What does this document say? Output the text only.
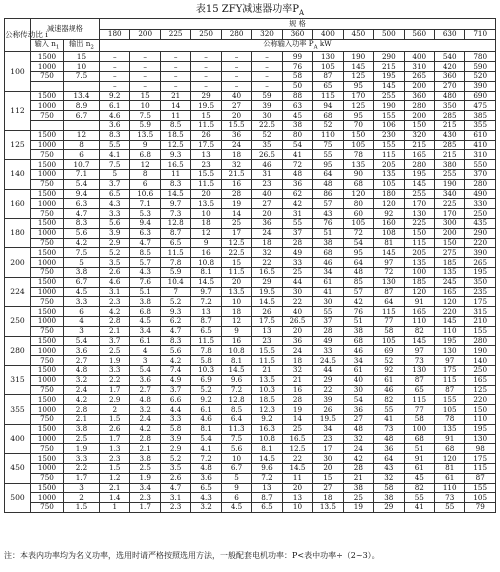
表15 ZFY减速器功率$P_A$
公称传动比 i	减速器规格		规 格												
			180	200	225	250	280	320	360	400	450	500	560	630	710
	输入 $n_1$	输出 $n_2$	公称输入功率 $P_A$ kW												
100	1500	15	–	–	–	–	–	–	99	130	190	290	400	540	780
	1000	10	–	–	–	–	–	–	76	105	145	215	310	420	590
	750	7.5	–	–	–	–	–	–	58	87	125	195	265	360	520
			–	–	–	–	–	–	50	65	95	145	200	270	390
112	1500	13.4	9.2	15	21	29	40	59	88	115	170	255	360	480	690
	1000	8.9	6.1	10	14	19.5	27	39	63	94	125	190	280	350	475
	750	6.7	4.6	7.5	11	15	20	30	45	68	95	155	200	285	385
			3.6	5.9	8.5	11.5	15.5	22.5	38	52	70	106	150	215	355
125	1500	12	8.3	13.5	18.5	26	36	52	80	110	150	230	320	430	610
	1000	8	5.5	9	12.5	17.5	24	35	54	75	105	155	215	285	410
	750	6	4.1	6.8	9.3	13	18	26.5	41	55	78	115	165	215	310
140	1500	10.7	7.5	12	16.5	23	32	46	72	95	135	205	280	380	550
	1000	7.1	5	8	11	15.5	21.5	31	48	64	90	135	195	255	370
	750	5.4	3.7	6	8.3	11.5	16	23	36	48	68	105	145	190	280
160	1500	9.4	6.5	10.6	14.5	20	28	40	62	86	120	180	255	340	490
	1000	6.3	4.3	7.1	9.7	13.5	19	27	42	57	80	120	170	225	330
	750	4.7	3.3	5.3	7.3	10	14	20	31	43	60	92	130	170	250
180	1500	8.3	5.6	9.4	12.8	18	25	36	55	76	105	160	225	300	435
	1000	5.6	3.9	6.3	8.7	12	17	24	37	51	72	108	150	200	290
	750	4.2	2.9	4.7	6.5	9	12.5	18	28	38	54	81	115	150	220
200	1500	7.5	5.2	8.5	11.5	16	22.5	32	49	68	95	145	205	275	390
	1000	5	3.5	5.7	7.8	10.8	15	22	33	46	64	97	135	185	265
	750	3.8	2.6	4.3	5.9	8.1	11.5	16.5	25	34	48	72	100	135	195
224	1500	6.7	4.6	7.6	10.4	14.5	20	29	44	61	85	130	185	245	350
	1000	4.5	3.1	5.1	7	9.7	13.5	19.5	30	41	57	87	120	165	235
	750	3.3	2.3	3.8	5.2	7.2	10	14.5	22	30	42	64	91	120	175
250	1500	6	4.2	6.8	9.3	13	18	26	40	55	76	115	165	220	315
	1000	4	2.8	4.5	6.2	8.7	12	17.5	26.5	37	51	77	110	145	210
	750	3	2.1	3.4	4.7	6.5	9	13	20	28	38	58	82	110	155
280	1500	5.4	3.7	6.1	8.3	11.5	16	23	36	49	68	105	145	195	280
	1000	3.6	2.5	4	5.6	7.8	10.8	15.5	24	33	46	69	97	130	190
	750	2.7	1.9	3	4.2	5.8	8.1	11.5	18	24.5	34	52	73	97	140
315	1500	4.8	3.3	5.4	7.4	10.3	14.5	21	32	44	61	92	130	175	250
	1000	3.2	2.2	3.6	4.9	6.9	9.6	13.5	21	29	40	61	87	115	165
	750	2.4	1.7	2.7	3.7	5.2	7.2	10.3	16	22	30	46	65	87	125
355	1500	4.2	2.9	4.8	6.6	9.2	12.8	18.5	28	39	54	82	115	155	220
	1000	2.8	2	3.2	4.4	6.1	8.5	12.3	19	26	36	55	77	105	150
	750	2.1	1.5	2.4	3.3	4.6	6.4	9.2	14	19.5	27	41	58	78	110
400	1500	3.8	2.6	4.2	5.8	8.1	11.3	16.3	25	34	48	73	100	135	195
	1000	2.5	1.7	2.8	3.9	5.4	7.5	10.8	16.5	23	32	48	68	91	130
	750	1.9	1.3	2.1	2.9	4.1	5.6	8.1	12.5	17	24	36	51	68	98
450	1500	3.3	2.3	3.8	5.2	7.2	10	14.5	22	30	42	64	91	120	175
	1000	2.2	1.5	2.5	3.5	4.8	6.7	9.6	14.5	20	28	43	61	81	115
	750	1.7	1.2	1.9	2.6	3.6	5	7.2	11	15	21	32	45	61	87
500	1500	3	2.1	3.4	4.7	6.5	9	13	20	27	38	58	82	110	155
	1000	2	1.4	2.3	3.1	4.3	6	8.7	13	18	25	38	55	73	105
	750	1.5	1	1.7	2.3	3.2	4.5	6.5	10	13.5	19	29	41	55	79
注：本表内功率均为名义功率，选用时请严格按照选用方法，一般配套电机功率：P<表中功率÷（2~3）。
